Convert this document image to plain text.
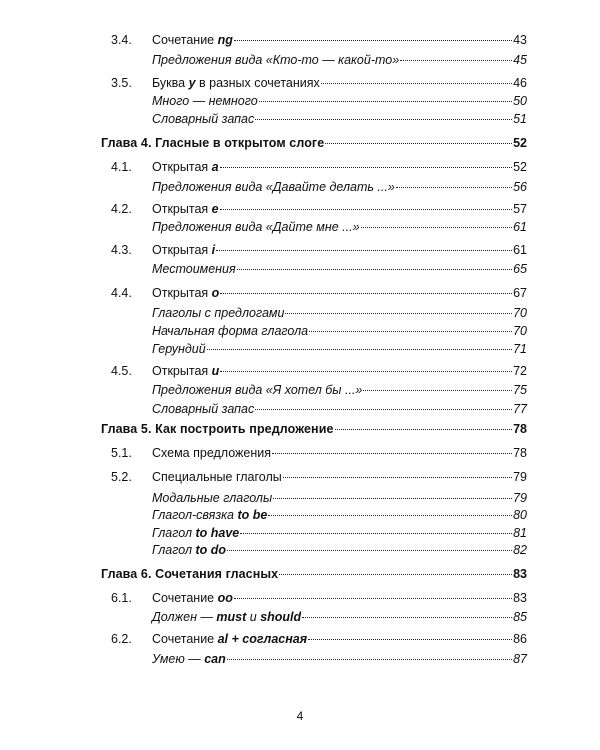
3.4. Сочетание ng	43
Предложения вида «Кто-то — какой-то»	45
3.5. Буква y в разных сочетаниях	46
Много — немного	50
Словарный запас	51
Глава 4. Гласные в открытом слоге	52
4.1. Открытая a	52
Предложения вида «Давайте делать ...»	56
4.2. Открытая e	57
Предложения вида «Дайте мне ...»	61
4.3. Открытая i	61
Местоимения	65
4.4. Открытая o	67
Глаголы с предлогами	70
Начальная форма глагола	70
Герундий	71
4.5. Открытая u	72
Предложения вида «Я хотел бы ...»	75
Словарный запас	77
Глава 5. Как построить предложение	78
5.1. Схема предложения	78
5.2. Специальные глаголы	79
Модальные глаголы	79
Глагол-связка to be	80
Глагол to have	81
Глагол to do	82
Глава 6. Сочетания гласных	83
6.1. Сочетание oo	83
Должен — must и should	85
6.2. Сочетание al + согласная	86
Умею — can	87
4
